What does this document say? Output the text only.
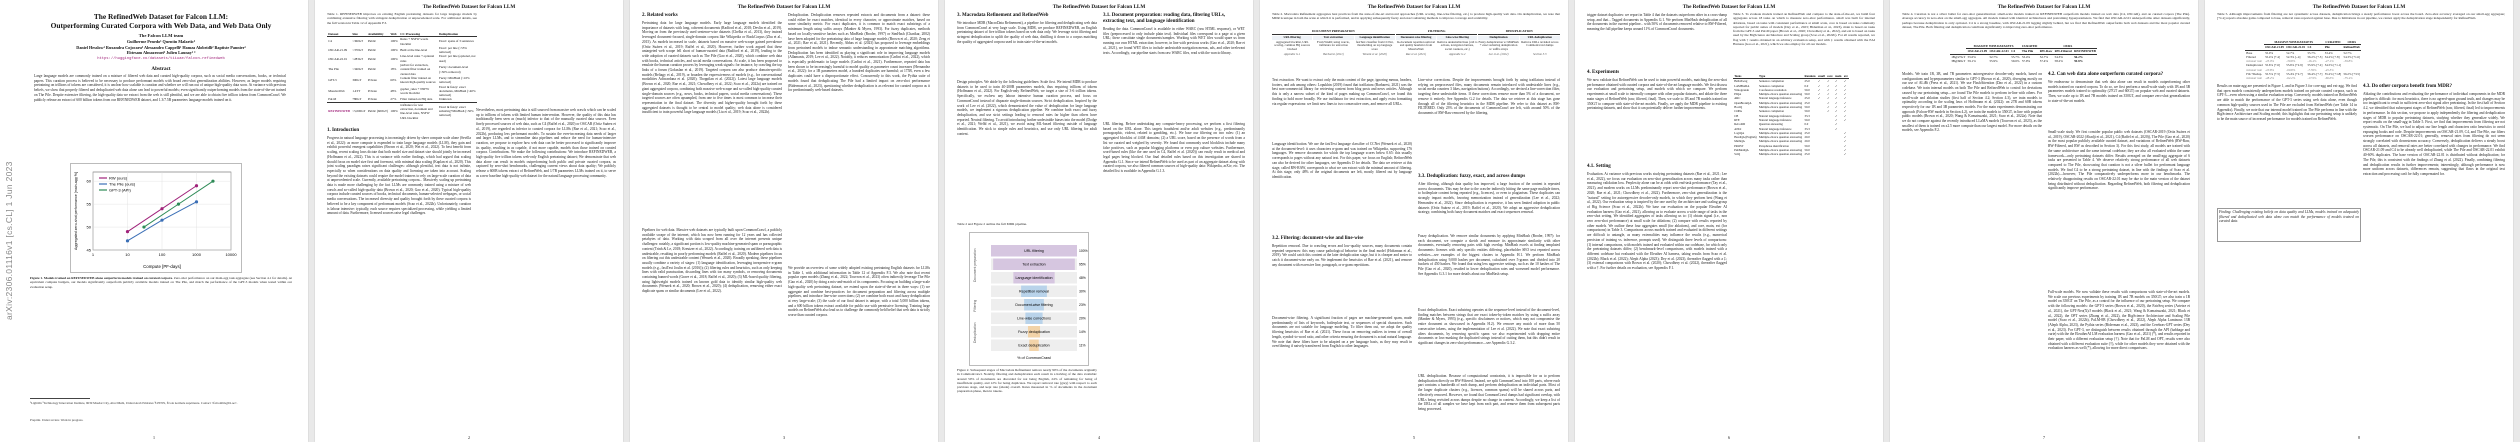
arXiv:2306.01116v1 [cs.CL] 1 Jun 2023
The RefinedWeb Dataset for Falcon LLM:
Outperforming Curated Corpora with Web Data, and Web Data Only
The Falcon LLM team
Guilherme Penedo¹ Quentin Malartic²
Daniel Hesslow¹ Ruxandra Cojocaru² Alessandro Cappelli¹ Hamza Alobeidli² Baptiste Pannier¹
Ebtesam Almazrouei² Julien Launay¹ ³
https://huggingface.co/datasets/tiiuae/falcon-refinedweb
Abstract
Large language models are commonly trained on a mixture of filtered web data and curated high-quality corpora, such as social media conversations, books, or technical papers. This curation process is believed to be necessary to produce performant models with broad zero-shot generalization abilities. However, as larger models requiring pretraining on trillions of tokens are considered, it is unclear how scalable is curation and whether we will run out of unique high-quality data soon. At variance with previous beliefs, we show that properly filtered and deduplicated web data alone can lead to powerful models; even significantly outperforming models from the state-of-the-art trained on The Pile. Despite extensive filtering, the high-quality data we extract from the web is still plentiful, and we are able to obtain five trillion tokens from CommonCrawl. We publicly release an extract of 600 billion tokens from our REFINEDWEB dataset, and 1.3/7.5B parameters language models trained on it.
1	10	100	1000	10000
45
50
55
60
Compute [PF-days]
Aggregated zero-shot performance [main-agg %]	RW (ours)
The Pile (ours)
GPT-3 (API)
Figure 1. Models trained on REFINEDWEB alone outperform models trained on curated corpora. Zero-shot performance on our main-agg task aggregate (see Section 4.1 for details). At equivalent compute budgets, our models significantly outperform publicly available models trained on The Pile, and match the performance of the GPT-3 models when tested within our evaluation setup.
¹LightOn ²Technology Innovation Institute, 9639 Masdar City, Abu Dhabi, United Arab Emirates ³LPENS, École normale supérieure. Contact <falconllm@tii.ae>.
Preprint. Under review. Work in progress.
1
The RefinedWeb Dataset for Falcon LLM
Table 1. REFINEDWEB improves on existing English pretraining datasets for large language models by combining extensive filtering with stringent deduplication at unprecedented scale. For additional details, see the full version in Table 12 of Appendix F.3.
Dataset	Size	Availability	Web	CC Processing	Deduplication
C4	~360GT	Public	100%	Rules + NSFW words blocklist	Exact: spans of 3 sentences
OSCAR-21.09	~370GT	Public	100%	Built at the line-level	Exact: per line (~55% removed)
OSCAR-22.01	~283GT	Public	100%	Line-level rules + optional rules	Exact: per line (optional, not used)
The Pile	~340GT	Public	18%	jusText for extraction, content filter trained on curated data	Fuzzy: document-level (~30% removed)
GPT-3	300GT	Private	60%	Content filter trained on known high-quality sources	Fuzzy: MinHash (~10% removed)
MassiveWeb	1.4TT	Private	48%	gopher_rules + NSFW words blocklist	Exact & fuzzy: exact documents, MinHash (~40% removed)
PaLM	780GT	Private	27%	Filter trained on HQ data	Unknown
REFINEDWEB	~5,000GT	Public (600GT)	100%	trafilatura for text extraction, document and line-level rules, NSFW URL blocklist	Exact & fuzzy: exact substring+MinHash (~50% removed)
1. Introduction
Progress in natural language processing is increasingly driven by sheer compute scale alone (Sevilla et al., 2022): as more compute is expended to train large language models (LLM), they gain and exhibit powerful emergent capabilities (Brown et al., 2020; Wei et al., 2022). To best benefit from scaling, recent scaling laws dictate that both model size and dataset size should jointly be increased (Hoffmann et al., 2022). This is at variance with earlier findings, which had argued that scaling should focus on model size first and foremost, with minimal data scaling (Kaplan et al., 2020). This joint scaling paradigm raises significant challenges: although plentiful, text data is not infinite, especially so when considerations on data quality and licensing are taken into account. Scaling beyond the existing datasets could require the model trainers to rely on large-scale curation of data at unprecedented scale. Currently, available pretraining corpora... Massively scaling up pretraining data is made more challenging by the fact LLMs are commonly trained using a mixture of web crawls and so-called high-quality data (Brown et al., 2020; Gao et al., 2020). Typical high-quality corpora include curated sources of books, technical documents, human-selected webpages, or social media conversations. The increased diversity and quality brought forth by these curated corpora is believed to be a key component of performant models (Scao et al., 2022b). Unfortunately, curation is labour intensive: typically, each source requires specialized processing, while yielding a limited amount of data. Furthermore, licensed sources raise legal challenges.
Nevertheless, most pretraining data is still sourced from massive web crawls which can be scaled up to trillions of tokens with limited human intervention. However, the quality of this data has traditionally been seen as (much) inferior to that of the manually curated data sources. Even finely processed sources of web data, such as C4 (Raffel et al., 2020) or OSCAR (Ortiz Suárez et al., 2019), are regarded as inferior to curated corpora for LLMs (Rae et al., 2021; Scao et al., 2022b), producing less performant models. To sustain the ever-increasing data needs of larger and larger LLMs, and to streamline data pipelines and reduce the need for human-intensive curation, we propose to explore how web data can be better processed to significantly improve its quality, resulting in as capable, if not more capable, models than those trained on curated corpora. Contributions. We make the following contributions: We introduce REFINEDWEB, a high-quality five trillion tokens web-only English pretraining dataset; We demonstrate that web data alone can result in models outperforming both public and private curated corpora, as captured by zero-shot benchmarks, challenging current views about data quality; We publicly release a 600B tokens extract of RefinedWeb, and 1/7B parameters LLMs trained on it, to serve as a new baseline high-quality web dataset for the natural language processing community.
2
The RefinedWeb Dataset for Falcon LLM
2. Related works
Pretraining data for large language models. Early large language models identified the importance of datasets with long, coherent documents (Radford et al., 2018; Devlin et al., 2019). Moving on from the previously used sentence-wise datasets (Chelba et al., 2013), they instead leveraged document-focused, single-domain corpora like Wikipedia or BookCorpus (Zhu et al., 2015). As models increased in scale, datasets based on massive web-scrape gained prevalence (Ortiz Suárez et al., 2019; Raffel et al., 2020). However, further work argued that these untargeted web scrape fell short of human-curated data (Radford et al., 2019), leading to the wide adoption of curated datasets such as The Pile (Gao et al., 2020), which combine web data with books, technical articles, and social media conversations. At scale, it has been proposed to emulate the human curation process by leveraging weak signals: for instance, by crawling the top links of a forum (Gokaslan et al., 2019). Targeted corpora can also produce domain-specific models (Beltagy et al., 2019), or broaden the expressiveness of models (e.g., for conversational modalities Adiwardana et al. (2020); Thoppilan et al. (2022)). Latest large language models (Brown et al., 2020; Rae et al., 2021; Chowdhery et al., 2022; Scao et al., 2022a) are trained on giant aggregated corpora, combining both massive web-scrape and so-called high-quality curated single-domain sources (e.g., news, books, technical papers, social media conversations). These targeted sources are often upsampled, from one to five times is most common to increase their representation in the final dataset. The diversity and higher-quality brought forth by these aggregated datasets is thought to be central to model quality; web data alone is considered insufficient to train powerful large language models (Liu et al., 2019; Scao et al., 2022b).
Pipelines for web data. Massive web datasets are typically built upon CommonCrawl, a publicly available scrape of the internet, which has now been running for 12 years and has collected petabytes of data. Working with data scraped from all over the internet presents unique challenges: notably, a significant portion is low-quality machine-generated spam or pornographic content (Trinh & Le, 2018; Kreutzer et al., 2022). Accordingly, training on unfiltered web data is undesirable, resulting in poorly performing models (Raffel et al., 2020). Modern pipelines focus on filtering out this undesirable content (Wenzek et al., 2020). Broadly speaking, these pipelines usually combine a variety of stages: (1) language identification, leveraging inexpensive n-gram models (e.g., fastText Joulin et al. (2016)); (2) filtering rules and heuristics, such as only keeping lines with valid punctuation, discarding lines with too many symbols, or removing documents containing banned words (Grave et al., 2018; Raffel et al., 2020); (3) ML-based quality filtering, using lightweight models trained on known gold data to identify similar high-quality web documents (Wenzek et al., 2020; Brown et al., 2020); (4) deduplication, removing either exact duplicate spans or similar documents (Lee et al., 2022).
Deduplication. Deduplication removes repeated extracts and documents from a dataset: these could either be exact matches, identical in every character, or approximate matches, based on some similarity metric. For exact duplicates, it is common to match exact substrings of a minimum length using suffix arrays (Manber & Myers, 1993). For fuzzy duplicates, methods based on locally-sensitive hashes such as MinHash (Broder, 1997) or SimHash (Charikar, 2002) have been adopted for the pretraining data of large language models (Brown et al., 2020; Zeng et al., 2021; Rae et al., 2021). Recently, Abbas et al. (2023) has proposed to leverage embeddings from pretrained models to imbue semantic understanding in approximate matching algorithms. Deduplication has been identified as playing a significant role in improving language models (Allamanis, 2019; Lee et al., 2022). Notably, it reduces memorization (Carlini et al., 2022), which is especially problematic in large models (Carlini et al., 2021). Furthermore, repeated data has been shown to be increasingly harmful to model quality as parameter count increases (Hernandez et al., 2022): for a 1B parameters model, a hundred duplicates are harmful; at 175B, even a few duplicates could have a disproportionate effect. Concurrently to this work, the Pythia suite of models found that deduplicating The Pile had a limited impact on zero-shot performance (Biderman et al., 2023), questioning whether deduplication is as relevant for curated corpora as it for predominantly web-based datasets.
We provide an overview of some widely adopted existing pretraining English datasets for LLMs in Table 1, with additional information in Table 12 of Appendix F.3. We also note that recent popular open models (Zhang et al., 2022; Touvron et al., 2023) often indirectly leverage The Pile (Gao et al., 2020) by doing a mix-and-match of its components. Focusing on building a large-scale high-quality web pretraining dataset, we extend upon the state-of-the-art in three ways: (1) we aggregate and combine best-practices for document preparation and filtering across multiple pipelines, and introduce line-wise corrections; (2) we combine both exact and fuzzy deduplication at very large-scale; (3) the scale of our final dataset is unique, with a total 5,000 billion tokens, and a 600 billion tokens extract available for public use with permissive licensing. Training large models on RefinedWeb also lead us to challenge the commonly held belief that web data is strictly worse than curated corpora.
3
The RefinedWeb Dataset for Falcon LLM
3. Macrodata Refinement and RefinedWeb
We introduce MDR (MacroData Refinement), a pipeline for filtering and deduplicating web data from CommonCrawl at very large scale. Using MDR, we produce REFINEDWEB, an English pretraining dataset of five trillion tokens based on web data only. We leverage strict filtering and stringent deduplication to uplift the quality of web data, distilling it down to a corpus matching the quality of aggregated corpora used to train state-of-the-art models.
Design principles. We abide by the following guidelines: Scale first. We intend MDR to produce datasets to be used to train 40-200B parameters models, thus requiring trillions of tokens (Hoffmann et al., 2022). For English-only RefinedWeb, we target a size of 3-6 trillion tokens. Specifically, we eschew any labour intensive human curation process, and focus on CommonCrawl instead of disparate single-domain sources. Strict deduplication. Inspired by the work of Lee et al. (2022), which demonstrated the value of deduplication for large language models, we implement a rigorous deduplication pipeline. We combine both exact and fuzzy deduplication, and use strict settings leading to removal rates far higher than others have reported. Neutral filtering. To avoid introducing further undesirable biases into the model (Dodge et al., 2021; Welbl et al., 2021), we avoid using ML-based filtering outside of language identification. We stick to simple rules and heuristics, and use only URL filtering for adult content.
Table 2 and Figure 2 outline the full MDR pipeline.
URL filtering	100%
Text extraction	95%
Language identification	48%
Repetition removal	30%
Document-wise filtering	23%
Line-wise corrections	20%
Fuzzy deduplication	14%
Exact deduplication	11%
Document preparation
Filtering
Deduplication
% of CommonCrawl
Figure 2. Subsequent stages of Macrodata Refinement remove nearly 90% of the documents originally in CommonCrawl. Notably, filtering and deduplication each result in a halving of the data available: around 50% of documents are discarded for not being English, 24% of remaining for being of insufficient quality, and 12% for being duplicates. We report removal rate (grey) with respect to each previous stage, and kept rate (shade) overall. Rates measured in % of documents in the document preparation phase, then in tokens.
3.1. Document preparation: reading data, filtering URLs, extracting text, and language identification
Reading the data. CommonCrawl is available in either WARC (raw HTML response), or WET files (preprocessed to only include plain text). Individual files correspond to a page at a given URL; these constitute single documents/samples. Working with WET files would spare us from running our own HTML extraction; however, in line with previous works (Gao et al., 2020; Rae et al., 2021), we found WET files to include undesirable navigation menus, ads, and other irrelevant texts. Accordingly, our pipeline starts from raw WARC files, read with the warcio library.
URL filtering. Before undertaking any compute-heavy processing, we perform a first filtering based on the URL alone. This targets fraudulent and/or adult websites (e.g., predominantly pornographic, violent, related to gambling, etc.). We base our filtering on two rules: (1) an aggregated blocklist of 4.6M domains; (2) a URL score, based on the presence of words from a list we curated and weighed by severity. We found that commonly used blocklists include many false positives, such as popular blogging platforms or even pop culture websites. Furthermore, word-based rules (like the one used in C4, Raffel et al. (2020)) can easily result in medical and legal pages being blocked. Our final detailed rules based on this investigation are shared in Appendix G.1. Since we intend RefinedWeb to be used as part of an aggregate dataset along with curated corpora, we also filtered common sources of high-quality data: Wikipedia, arXiv, etc. The detailed list is available in Appendix G.1.3.
4
The RefinedWeb Dataset for Falcon LLM
Table 2. Macrodata Refinement aggregates best practices from the state-of-the-art and novel approaches (URL scoring, line-wise filtering, etc.) to produce high-quality web data. On deduplication, we note that MDR is unique in both the scale at which it is performed, and in applying subsequently fuzzy and exact substring methods to improve coverage and scalability.
DOCUMENT PREPARATION	FILTERING	DEDUPLICATION
URL filtering	Text extraction	Language identification	Document-wise filtering	Line-wise filtering	Deduplication	URL deduplication
Aggregated blocklist, URL scoring, common HQ sources blocked
From WARC using warcio, trafilatura for extraction
fastText classifier from CCNet, thresholding on top language score
In-document repetition removal and quality heuristics from MassiveWeb
Remove undesirable lines (call to actions, navigation buttons, social counters, etc.)
Fuzzy deduplication w/ MinHash + exact substring deduplication w/ suffix arrays
Remove URLs revisited across CommonCrawl dumps
Appendix G.1	Barbaresi (2021)	Wenzek et al. (2020)	Rae et al. (2021)	Appendix G.2	Lee et al. (2022)	Section 3.3
Text extraction. We want to extract only the main content of the page, ignoring menus, headers, footers, and ads among others: Lopukhin (2019) found that trafilatura (Barbaresi, 2021) was the best non-commercial library for retrieving content from blog posts and news articles. Although this is only a narrow subset of the kind of pages making up CommonCrawl, we found this finding to hold more broadly. We use trafilatura for text extraction, and apply extra formatting via regular expressions: we limit new lines to two consecutive ones, and remove all URLs.
Language identification. We use the fastText language classifier of CCNet (Wenzek et al., 2020) at the document-level: it uses characters n-gram and was trained on Wikipedia, supporting 176 languages. We remove documents for which the top language scores below 0.65: this usually corresponds to pages without any natural text. For this paper, we focus on English; RefinedWeb can also be derived for other languages, see Appendix D for details. The data we retrieve at this stage, called RW-RAW, corresponds to what we can extract with the minimal amount of filtering. At this stage, only 48% of the original documents are left, mostly filtered out by language identification.
3.2. Filtering: document-wise and line-wise
Repetition removal. Due to crawling errors and low-quality sources, many documents contain repeated sequences: this may cause pathological behavior in the final model (Holtzman et al., 2019). We could catch this content at the later deduplication stage, but it is cheaper and easier to catch it document-wise early on. We implement the heuristics of Rae et al. (2021), and remove any document with excessive line, paragraph, or n-gram repetitions.
Document-wise filtering. A significant fraction of pages are machine-generated spam, made predominantly of lists of keywords, boilerplate text, or sequences of special characters. Such documents are not suitable for language modeling. To filter them out, we adopt the quality filtering heuristics of Rae et al. (2021). These focus on removing outliers in terms of overall length, symbol-to-word ratio, and other criteria ensuring the document is actual natural language. We note that these filters have to be adapted on a per language basis, as they may result in overfiltering if naively transferred from English to other languages.
Line-wise corrections. Despite the improvements brought forth by using trafilatura instead of relying on preprocessed files, many documents remain interlaced with undesirable lines (e.g., social media counters 3 likes, navigation buttons). Accordingly, we devised a line-correction filter, targeting these undesirable items. If these corrections remove more than 5% of a document, we remove it entirely. See Appendix G.2 for details. The data we retrieve at this stage has gone through all of the filtering heuristics in the MDR pipeline. We refer to this dataset as RW-FILTERED. Only 23% of the documents of CommonCrawl are left, with around 50% of the documents of RW-Raw removed by the filtering.
3.3. Deduplication: fuzzy, exact, and across dumps
After filtering, although data quality has improved, a large fraction of the content is repeated across documents. This may be due to the crawler indirectly hitting the same page multiple times, to boilerplate content being repeated (e.g., licences), or even to plagiarism. These duplicates can strongly impact models, favoring memorization instead of generalization (Lee et al., 2022; Hernandez et al., 2022). Since deduplication is expensive, it has seen limited adoption in public datasets (Ortiz Suárez et al., 2019; Raffel et al., 2020). We adopt an aggressive deduplication strategy, combining both fuzzy document matches and exact sequences removal.
Fuzzy deduplication. We remove similar documents by applying MinHash (Broder, 1997): for each document, we compute a sketch and measure its approximate similarity with other documents, eventually removing pairs with high overlap. MinHash excels at finding templated documents: licenses with only specific entities differing, placeholder SEO text repeated across websites—see examples of the biggest clusters in Appendix H.1. We perform MinHash deduplication using 9,000 hashes per document, calculated over 5-grams and divided into 20 buckets of 450 hashes. We found that using less aggressive settings, such as the 10 hashes of The Pile (Gao et al., 2020), resulted in lower deduplication rates and worsened model performance. See Appendix G.3.1 for more details about our MinHash setup.
Exact deduplication. Exact substring operates at the sequence-level instead of the document-level, finding matches between strings that are exact token-by-token matches by using a suffix array (Manber & Myers, 1993) (e.g., specific disclaimers or notices, which may not compromise the entire document as showcased in Appendix H.2). We remove any match of more than 50 consecutive tokens, using the implementation of Lee et al. (2022). We note that exact substring alters documents, by removing specific spans: we also experimented with dropping entire documents or loss-masking the duplicated strings instead of cutting them, but this didn't result in significant changes in zero-shot performance—see Appendix G.3.2.
URL deduplication. Because of computational constraints, it is impossible for us to perform deduplication directly on RW-Filtered. Instead, we split CommonCrawl into 100 parts, where each part contains a hundredth of each dump, and perform deduplication on individual parts. Most of the larger duplicate clusters (e.g., licences, common spams) will be shared across parts, and effectively removed. However, we found that CommonCrawl dumps had significant overlap, with URLs being revisited across dumps despite no change in content. Accordingly, we keep a list of the URLs of all samples we have kept from each part, and remove them from subsequent parts being processed.
5
The RefinedWeb Dataset for Falcon LLM
trigger dataset duplicates: we report in Table 4 that the datasets outperform other in a cross-dump setup, and that... Tagged documents in Appendix G.1. We perform MinHash deduplication of all the documents in the current pipeline... with 50% of documents removed relative to RW-Filtered, meaning the full pipeline keeps around 11% of CommonCrawl documents.
4. Experiments
We now validate that RefinedWeb can be used to train powerful models, matching the zero-shot performance obtained with curated corpora and state-of-the-art language models. We first discuss our evaluation and pretraining setup, and models with which we compare. We perform experiments at small scale to internally compare with other popular datasets, and ablate the three main stages of RefinedWeb (raw, filtered, final). Then, we scale to 1B and 7B models trained on 350GT to compare with state-of-the-art models. Finally, we apply the MDR pipeline to existing pretraining datasets, and show that it can potentially deliver further improvements.
4.1. Setting
Evaluation. At variance with previous works studying pretraining datasets (Rae et al., 2021; Lee et al., 2022), we focus our evaluation on zero-shot generalization across many tasks rather than measuring validation loss. Perplexity alone can be at odds with end-task performance (Tay et al., 2021), and modern works on LLMs predominantly report zero-shot performance (Brown et al., 2020; Rae et al., 2021; Chowdhery et al., 2022). Furthermore, zero-shot generalization is the "natural" setting for autoregressive decoder-only models, in which they perform best (Wang et al., 2022). Our evaluation setup is inspired by the one used by the architecture and scaling group of Big Science (Scao et al., 2022b). We base our evaluation on the popular Eleuther AI evaluation harness (Gao et al., 2021), allowing us to evaluate across a wide range of tasks in the zero-shot setting. We identified aggregates of tasks allowing us to: (1) obtain signal (i.e., non zero zero-shot performance) at small scale for ablations; (2) compare with results reported by other models. We outline these four aggregates small (for ablations), and core, main, ext (for comparisons) in Table 3. Comparisons across models trained and evaluated in different settings are difficult to untangle, as many externalities may influence the results (e.g., numerical precision of training vs. inference, prompts used). We distinguish three levels of comparisons: (1) internal comparisons, with models trained and evaluated within our codebase, for which only the pretraining datasets differ; (2) benchmark-level comparisons, with models trained with a different codebase but evaluated with the Eleuther AI harness, taking results from Scao et al. (2022b); Black et al. (2022); Aleph Alpha (2023); Dey et al. (2023), thereafter flagged with a ‡; (3) external comparisons with Brown et al. (2020); Chowdhery et al. (2022), thereafter flagged with a †. For further details on evaluation, see Appendix F.1.
Table 3. To evaluate models trained on RefinedWeb and compare to the state-of-the-art, we build four aggregates across 18 tasks on which to measure zero-shot performance. small was built for internal ablations, based on tasks with consistent performance at small scale, core is based on tasks commonly reported for public suites of models (Dey et al., 2023; Biderman et al., 2023), main is based on tasks from the GPT-3 and PaLM paper (Brown et al., 2020; Chowdhery et al., 2022), and ext is based on tasks used by the BigScience Architecture and Scaling group (Scao et al., 2022b). For all results reported, we flag with † results obtained in an arbitrary evaluation setup, and with ‡ results obtained with the EAI Harness (Gao et al., 2021), which we also employ for all our models.
Tasks	Type	Random	small	core	main	ext
HellaSwag	Sentence completion	25.0	✓	✓	✓	✓
LAMBADA	Sentence completion	0.0	✓	✓	✓	✓
Winogrande	Coreference resolution	50.0	✓	✓	✓	✓
PIQA	Multiple-choice question answering	50.0	✓	✓	✓	✓
ARC	Natural language inference	25.0	✓	✓	✓	✓
OpenBookQA	Multiple-choice question answering	25.0		✓	✓	✓
BoolQ	Multiple-choice question answering	50.0		✓	✓	✓
COPA	Sentence completion	50.0		✓	✓	✓
CB	Natural language inference	33.3			✓	✓
RTE	Natural language inference	50.0			✓	✓
ReCoRD	Question answering	0.0			✓	
ANLI	Natural language inference	33.3			✓	
LogiQA	Multiple-choice question answering	25.0				✓
HeadQA (English)	Multiple-choice question answering	20.0				✓
MathQA	Multiple-choice question answering	20.0				✓
PROST	Paraphrase identification	50.0				✓
PubMedQA	Multiple-choice question answering	50.0				✓
SciQ	Multiple-choice question answering	25.0				✓
6
The RefinedWeb Dataset for Falcon LLM
Table 4. Curation is not a silver bullet for zero-shot generalization: small-scale models trained on REFINEDWEB outperform models trained on web data (C4, OSCAR), and on curated corpora (The Pile). Average accuracy in zero-shot on the small-agg aggregate. All models trained with identical architectures and pretraining hyperparameters. We find that OSCAR-22.01 underperforms other datasets significantly, perhaps because deduplication is only optional. C4 is a strong baseline, with OSCAR-21.09 lagging slightly behind, but we find that RefinedWeb outperforms both web datasets and the most popular curated dataset, The Pile. Both filtering and deduplication contribute significantly to improving zero-shot performance.
	MASSIVE WEB DATASETS			CURATED	OURS		
	OSCAR-21.09	OSCAR-22.01	C4	The Pile	RW-Raw	RW-Filtered	REFINEDWEB
1B@27GT	55.0%	52.7%	55.7%	53.4%	52.7%	54.3%	56.2%
3B@60GT	59.1%	55.9%	59.6%	57.9%	57.4%	58.2%	59.8%
Models. We train 1B, 3B, and 7B parameters autoregressive decoder-only models, based on configurations and hyperparameters similar to GPT-3 (Brown et al., 2020), diverging mostly on our use of ALiBi (Press et al., 2021). We use FlashAttention (Dao et al., 2022) in a custom codebase. We train internal models on both The Pile and RefinedWeb to control for deviations caused by our pretraining setup—we found The Pile models to perform in-line with others. For small-scale and ablation studies (first half of Section 4.2; Section 4.3), we train models to optimality according to the scaling laws of Hoffmann et al. (2022): on 27B and 60B tokens respectively for our 1B and 3B parameters models. For the main experiments demonstrating our approach (Falcon-RW models in Section 4.2), we train the models to 350GT, in line with popular public models (Brown et al., 2020; Wang & Komatsuzaki, 2021; Scao et al., 2022a). Note that we do not compare against the recently introduced LLaMA models (Touvron et al., 2023), as the smallest of them is trained on x2.5 more compute than our largest model. For more details on the models, see Appendix F.2.
4.2. Can web data alone outperform curated corpora?
We endeavour to demonstrate that web data alone can result in models outperforming other models trained on curated corpora. To do so, we first perform a small-scale study with 1B and 3B parameters models trained to optimality (27GT and 60GT) on popular web and curated datasets. Then, we scale up to 1B and 7B models trained on 350GT, and compare zero-shot generalization to state-of-the-art models.
Small-scale study. We first consider popular public web datasets (OSCAR-2019 (Ortiz Suárez et al., 2019), OSCAR-2022 (Abadji et al., 2021), C4 (Raffel et al., 2020)), The Pile (Gao et al., 2020) as the most popular publicly available curated dataset, and variations of RefinedWeb (RW-Raw, RW-Filtered, and RW as described in Section 3). For this first study, all models are trained with the same architecture and the same internal codebase; they are also all evaluated within the same framework—only pretraining datasets differ. Results averaged on the small-agg aggregate of 6 tasks are presented in Table 4. We observe relatively strong performance of all web datasets compared to The Pile, showcasing that curation is not a silver bullet for performant language models. We find C4 to be a strong pretraining dataset, in line with the findings of Scao et al. (2022b)—however, The Pile comparatively underperforms more in our benchmarks. The relatively disappointing results on OSCAR-22.01 may be due to the main version of the dataset being distributed without deduplication. Regarding RefinedWeb, both filtering and deduplication significantly improve performance.
Full-scale models. We now validate these results with comparisons with state-of-the-art models. We scale our previous experiments by training 1B and 7B models on 350GT; we also train a 1B model on 350GT on The Pile, as a control for the influence of our pretraining setup. We compare with the following models: the GPT-3 series (Brown et al., 2020), the FairSeq series (Artetxe et al., 2021), the GPT-Neo(X)/J models (Black et al., 2021; Wang & Komatsuzaki, 2021; Black et al., 2022), the OPT series (Zhang et al., 2022), the BigScience Architecture and Scaling Pile model (Scao et al., 2022b), PaLM-8B (Chowdhery et al., 2022), Aleph Alpha Luminous 13B (Aleph Alpha, 2023), the Pythia series (Biderman et al., 2023), and the Cerebras-GPT series (Dey et al., 2023). For GPT-3, we distinguish between results obtained through the API (babbage and curie) with the the EleutherAI LM evaluation harness (Gao et al., 2021) (*), and results reported in their paper, with a different evaluation setup (†). Note that for PaLM and OPT, results were also obtained with a different evaluation suite (†), while for other models they were obtained with the evaluation harness as well (*), allowing for more direct comparisons.
7
The RefinedWeb Dataset for Falcon LLM
Table 5. Although improvements from filtering are not systematic across datasets, deduplication brings a steady performance boost across the board. Zero-shot accuracy averaged on our small-agg aggregate; [+x.x] reports absolute gains compared to base, removal rates reported against base. Due to limitations in our pipeline, we cannot apply the deduplication stage independently for RefinedWeb.
	MASSIVE WEB DATASETS			CURATED	OURS
	OSCAR-21.09	OSCAR-22.01	C4	Pile	RefinedWeb
Base	55.0%	52.7%	55.7%	53.4%	52.7%
Filtered	55.4% [+.4]	52.3% [-.4]	56.2% [+.5]	54.2% [+.8]	54.3% [+1.6]
removal rate	-25.0%	-39.8%	-16.4%	-27.1%	-50.8%
Deduplicated	55.6% [+.6]	55.6% [+2.9]	55.9% [+.2]	54.5% [+1.1]	
removal rate	-10.8%	-60.8%	-7.59%	-45.3%	
Filt.+Dedup.	55.5% [+.5]	55.4% [+2.7]	56.4% [+.7]	55.2% [+1.8]	56.2% [+3.5]
removal rate	-28.2%	-62.2%	-17.9%	-66.0%	-75.4%
Results on main-agg are presented in Figure 1, and in Figure 3 for core-agg and ext-agg. We find that open models consistently underperform models trained on private curated corpora, such as GPT-3—even when using a similar evaluation setup. Conversely, models trained on RefinedWeb are able to match the performance of the GPT-3 series using web data alone, even though common high-quality sources used in The Pile are excluded from RefinedWeb (see Table 14 in Appendix). Finally, we note that our internal model trained on The Pile performs in line with the BigScience Architecture and Scaling model; this highlights that our pretraining setup is unlikely to be the main source of increased performance for models trained on RefinedWeb.
Finding. Challenging existing beliefs on data quality and LLMs, models trained on adequately filtered and deduplicated web data alone can match the performance of models trained on curated data.
4.3. Do other corpora benefit from MDR?
Ablating the contributions and evaluating the performance of individual components in the MDR pipeline is difficult: for most heuristics, there is no agreed-upon ground truth, and changes may be too insignificant to result in sufficient zero-shot signal after pretraining. In the first half of Section 4.2, we identified that subsequent stages of RefinedWeb (raw, filtered, final) led to improvements in performance. In this section, we propose to apply independently the filtering and deduplication stages of MDR to popular pretraining datasets, studying whether they generalize widely. We report results on the small-agg in Table 5. First, we find that improvements from filtering are not systematic. On The Pile, we had to adjust our line length and characters ratio heuristics to avoid expunging books and code. Despite improvements on OSCAR-21.09, C4, and The Pile, our filters worsen performance on OSCAR-22.01; generally, removal rates from filtering do not seem strongly correlated with downstream accuracy. Conversely, deduplication delivers a steady boost across all datasets, and removal rates are better correlated with changes in performance. We find OSCAR-21.09 and C4 to be already well deduplicated, while The Pile and OSCAR-22.01 exhibit 40-60% duplicates. The base version of OSCAR-22.01 is distributed without deduplication; for The Pile, this is consistent with the findings of Zhang et al. (2022). Finally, combining filtering and deduplication results in further improvements; interestingly, although performance is now more uniform across datasets, differences remain, suggesting that flaws in the original text extraction and processing can't be fully compensated for.
8
